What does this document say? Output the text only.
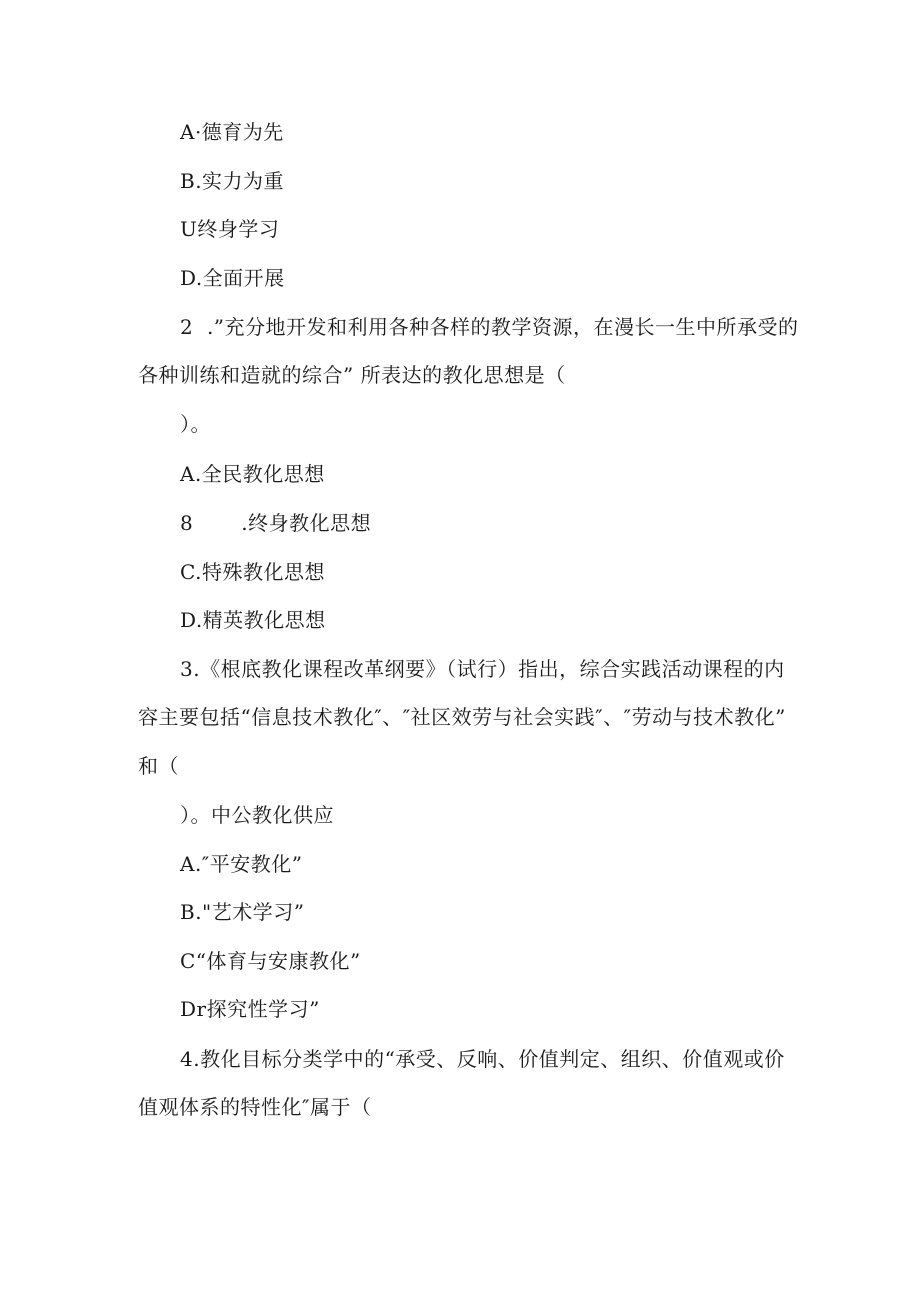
A·德育为先
B.实力为重
U终身学习
D.全面开展
2  .”充分地开发和利用各种各样的教学资源，在漫长一生中所承受的
各种训练和造就的综合” 所表达的教化思想是（
）。
A.全民教化思想
8 .终身教化思想
C.特殊教化思想
D.精英教化思想
3.《根底教化课程改革纲要》（试行）指出，综合实践活动课程的内
容主要包括“信息技术教化″、″社区效劳与社会实践″、″劳动与技术教化”
和（
）。中公教化供应
A.″平安教化”
B."艺术学习”
C“体育与安康教化”
Dr探究性学习”
4.教化目标分类学中的“承受、反响、价值判定、组织、价值观或价
值观体系的特性化″属于（
